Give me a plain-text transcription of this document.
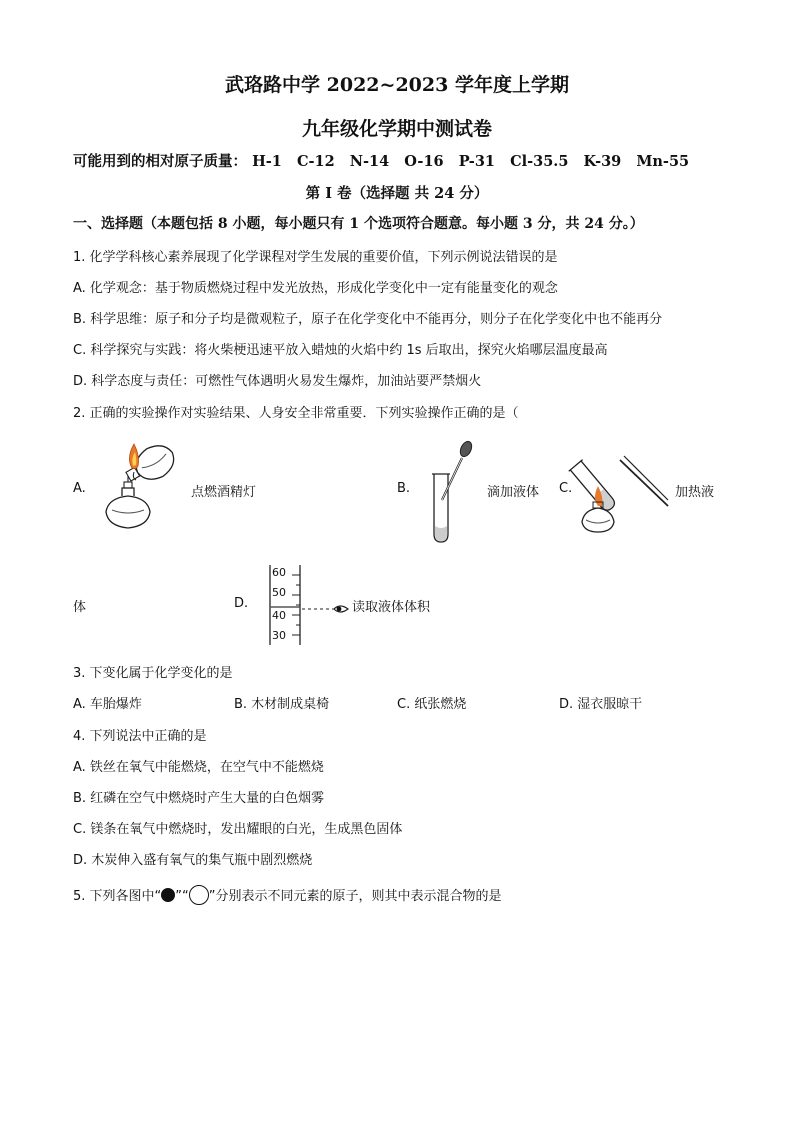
武珞路中学 2022~2023 学年度上学期
九年级化学期中测试卷
可能用到的相对原子质量： H-1 C-12 N-14 O-16 P-31 Cl-35.5 K-39 Mn-55
第 I 卷（选择题 共 24 分）
一、选择题（本题包括 8 小题，每小题只有 1 个选项符合题意。每小题 3 分，共 24 分。）
1. 化学学科核心素养展现了化学课程对学生发展的重要价值，下列示例说法错误的是
A. 化学观念：基于物质燃烧过程中发光放热，形成化学变化中一定有能量变化的观念
B. 科学思维：原子和分子均是微观粒子，原子在化学变化中不能再分，则分子在化学变化中也不能再分
C. 科学探究与实践：将火柴梗迅速平放入蜡烛的火焰中约 1s 后取出，探究火焰哪层温度最高
D. 科学态度与责任：可燃性气体遇明火易发生爆炸，加油站要严禁烟火
2. 正确的实验操作对实验结果、人身安全非常重要．下列实验操作正确的是（
A.	点燃酒精灯	B.	滴加液体 C.	加热液
体	D.
60
50
40
30
读取液体体积
3. 下变化属于化学变化的是
A. 车胎爆炸	B. 木材制成桌椅	C. 纸张燃烧	D. 湿衣服晾干
4. 下列说法中正确的是
A. 铁丝在氧气中能燃烧，在空气中不能燃烧
B. 红磷在空气中燃烧时产生大量的白色烟雾
C. 镁条在氧气中燃烧时，发出耀眼的白光，生成黑色固体
D. 木炭伸入盛有氧气的集气瓶中剧烈燃烧
5. 下列各图中“ ”“ ”分别表示不同元素的原子，则其中表示混合物的是
